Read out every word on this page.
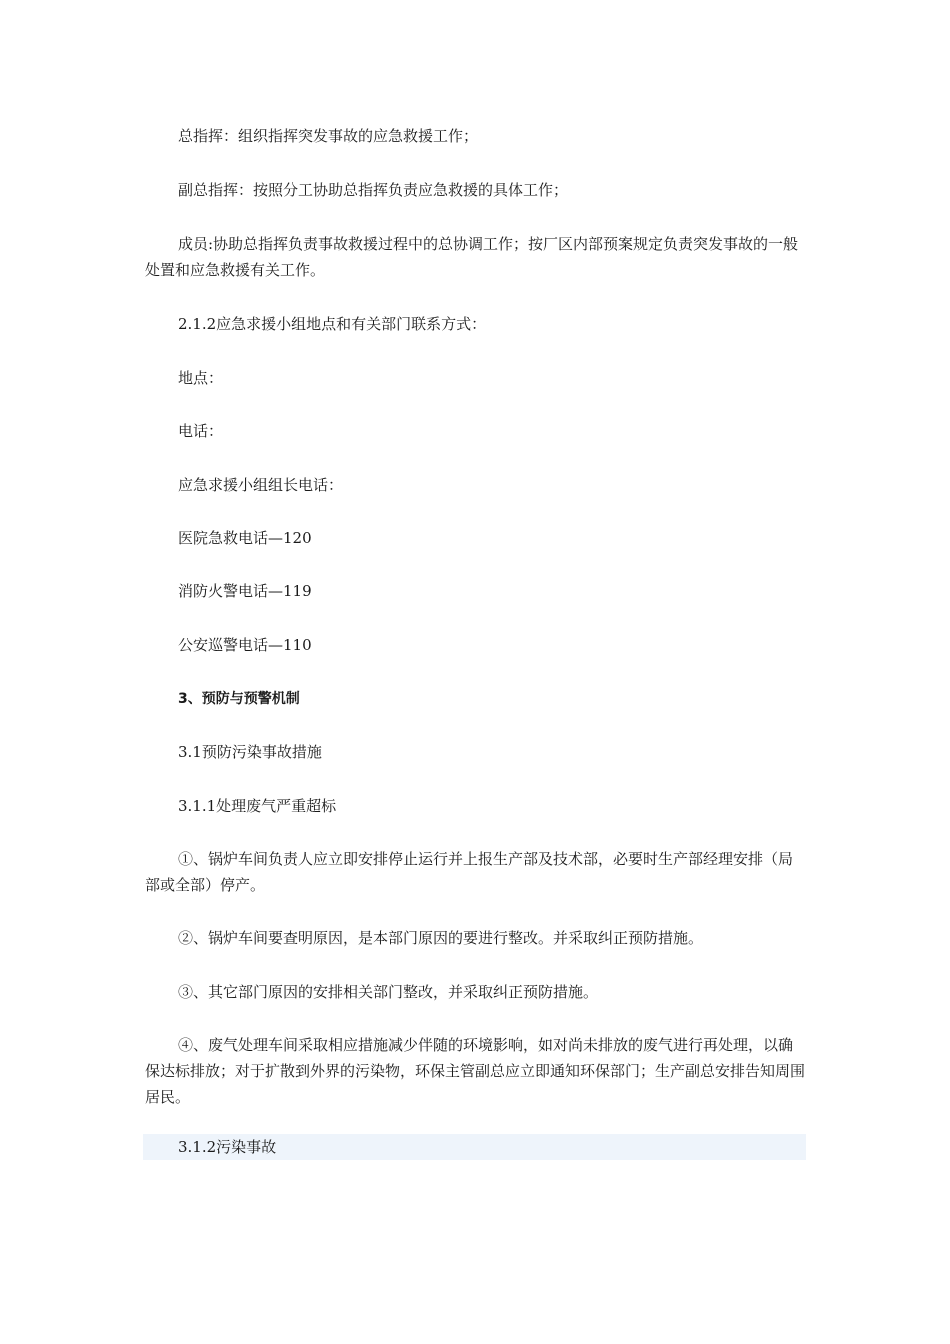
总指挥：组织指挥突发事故的应急救援工作；

副总指挥：按照分工协助总指挥负责应急救援的具体工作；

成员:协助总指挥负责事故救援过程中的总协调工作；按厂区内部预案规定负责突发事故的一般处置和应急救援有关工作。

2.1.2应急求援小组地点和有关部门联系方式：

地点：

电话：

应急求援小组组长电话：

医院急救电话—120

消防火警电话—119

公安巡警电话—110

3、预防与预警机制

3.1预防污染事故措施

3.1.1处理废气严重超标

①、锅炉车间负责人应立即安排停止运行并上报生产部及技术部，必要时生产部经理安排（局部或全部）停产。

②、锅炉车间要查明原因，是本部门原因的要进行整改。并采取纠正预防措施。

③、其它部门原因的安排相关部门整改，并采取纠正预防措施。

④、废气处理车间采取相应措施减少伴随的环境影响，如对尚未排放的废气进行再处理，以确保达标排放；对于扩散到外界的污染物，环保主管副总应立即通知环保部门；生产副总安排告知周围居民。

3.1.2污染事故
